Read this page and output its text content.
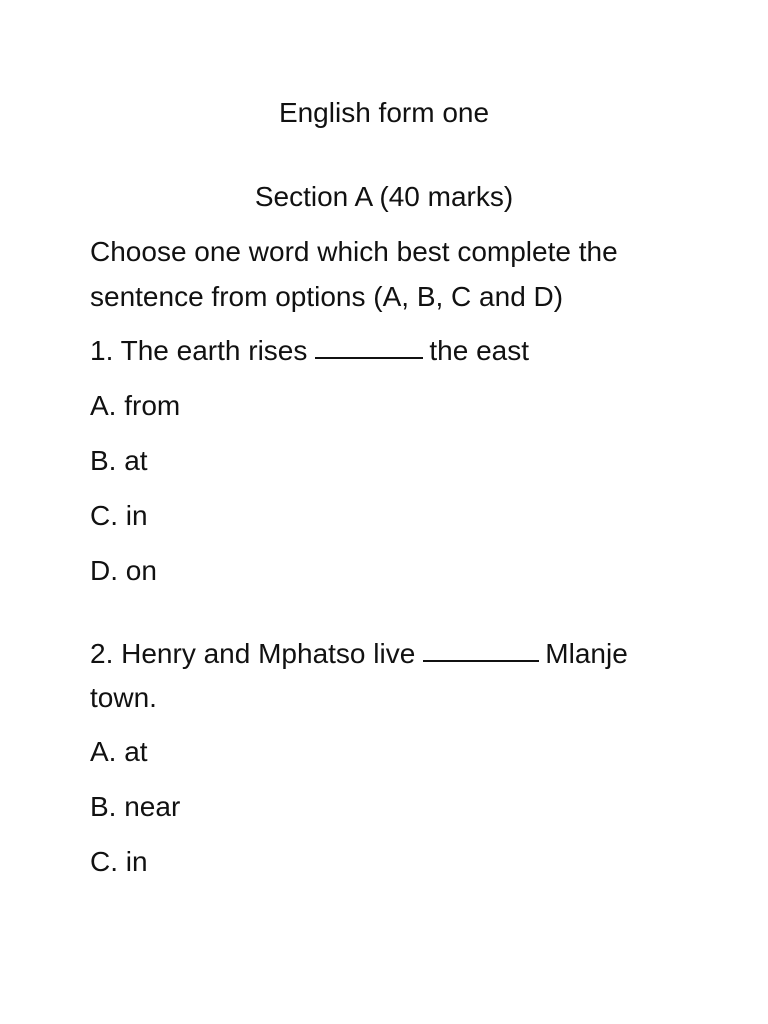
English form one
Section A (40 marks)
Choose one word which best complete the
sentence from options (A, B, C and D)
1. The earth rises	the east
A. from
B. at
C. in
D. on
2. Henry and Mphatso live	Mlanje
town.
A. at
B. near
C. in
